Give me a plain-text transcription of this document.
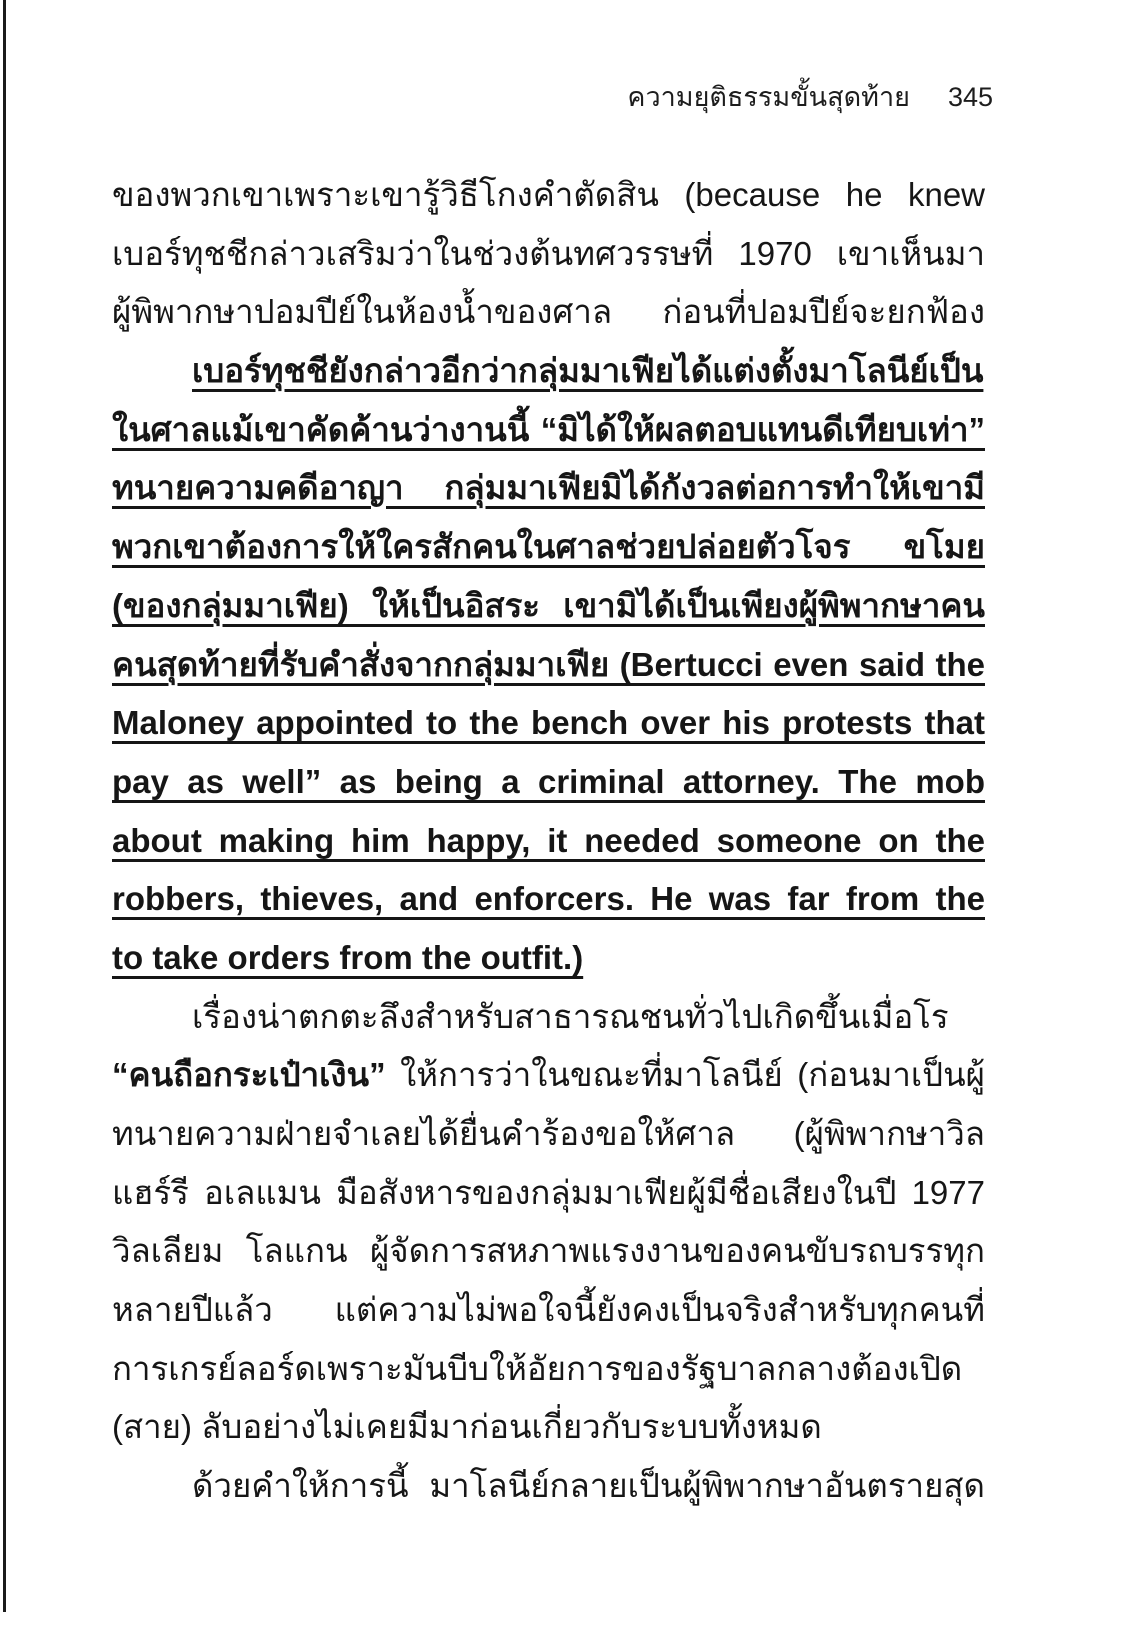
ความยุติธรรมขั้นสุดท้าย 345
ของพวกเขาเพราะเขารู้วิธีโกงคำตัดสิน (because he knew
เบอร์ทุชชีกล่าวเสริมว่าในช่วงต้นทศวรรษที่ 1970 เขาเห็นมา
ผู้พิพากษาปอมปีย์ในห้องน้ำของศาล ก่อนที่ปอมปีย์จะยกฟ้อง
เบอร์ทุชชียังกล่าวอีกว่ากลุ่มมาเฟียได้แต่งตั้งมาโลนีย์เป็น
ในศาลแม้เขาคัดค้านว่างานนี้ “มิได้ให้ผลตอบแทนดีเทียบเท่า”
ทนายความคดีอาญา กลุ่มมาเฟียมิได้กังวลต่อการทำให้เขามี
พวกเขาต้องการให้ใครสักคนในศาลช่วยปล่อยตัวโจร ขโมย
(ของกลุ่มมาเฟีย) ให้เป็นอิสระ เขามิได้เป็นเพียงผู้พิพากษาคน
คนสุดท้ายที่รับคำสั่งจากกลุ่มมาเฟีย (Bertucci even said the
Maloney appointed to the bench over his protests that
pay as well” as being a criminal attorney. The mob
about making him happy, it needed someone on the
robbers, thieves, and enforcers. He was far from the
to take orders from the outfit.)
เรื่องน่าตกตะลึงสำหรับสาธารณชนทั่วไปเกิดขึ้นเมื่อโร
“คนถือกระเป๋าเงิน” ให้การว่าในขณะที่มาโลนีย์ (ก่อนมาเป็นผู้
ทนายความฝ่ายจำเลยได้ยื่นคำร้องขอให้ศาล (ผู้พิพากษาวิล
แฮร์รี อเลแมน มือสังหารของกลุ่มมาเฟียผู้มีชื่อเสียงในปี 1977
วิลเลียม โลแกน ผู้จัดการสหภาพแรงงานของคนขับรถบรรทุก
หลายปีแล้ว แต่ความไม่พอใจนี้ยังคงเป็นจริงสำหรับทุกคนที่
การเกรย์ลอร์ดเพราะมันบีบให้อัยการของรัฐบาลกลางต้องเปิด
(สาย) ลับอย่างไม่เคยมีมาก่อนเกี่ยวกับระบบทั้งหมด
ด้วยคำให้การนี้ มาโลนีย์กลายเป็นผู้พิพากษาอันตรายสุด
